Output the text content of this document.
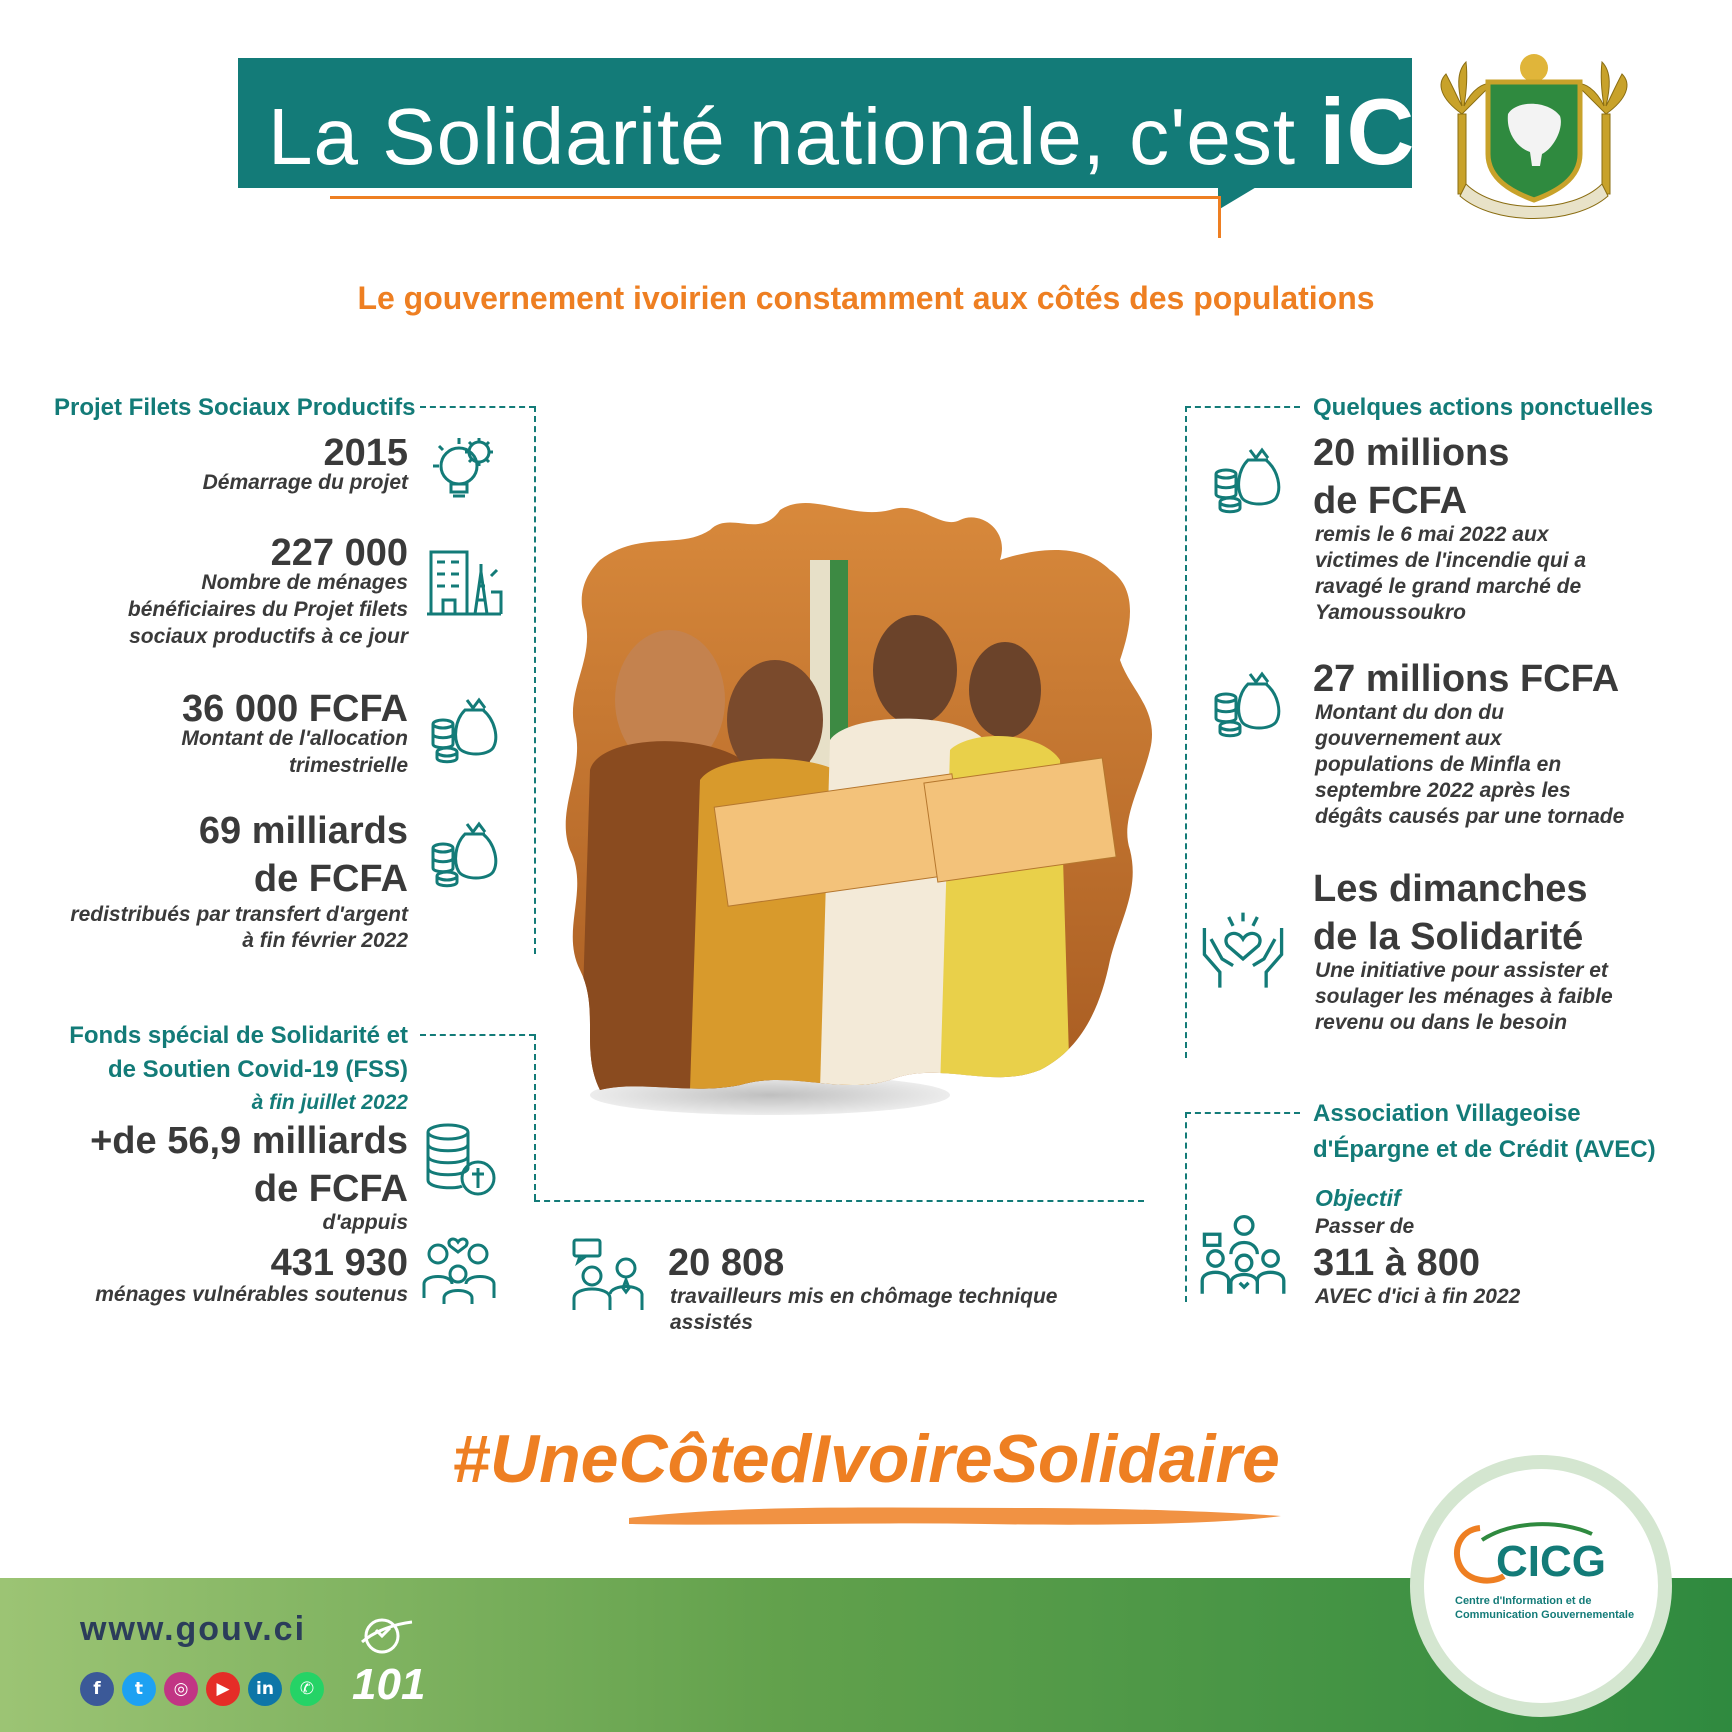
La Solidarité nationale, c'est iCI
Le gouvernement ivoirien constamment aux côtés des populations
Projet Filets Sociaux Productifs
2015
Démarrage du projet
227 000
Nombre de ménages bénéficiaires du Projet filets sociaux productifs à ce jour
36 000 FCFA
Montant de l'allocation trimestrielle
69 milliards
de FCFA
redistribués par transfert d'argent
à fin février 2022
Fonds spécial de Solidarité et
de Soutien Covid-19 (FSS)
à fin juillet 2022
+de 56,9 milliards
de FCFA
d'appuis
431 930
ménages vulnérables soutenus
20 808
travailleurs mis en chômage technique
assistés
Quelques actions ponctuelles
20 millions
de FCFA
remis le 6 mai 2022 aux
victimes de l'incendie qui a
ravagé le grand marché de
Yamoussoukro
27 millions FCFA
Montant du don du
gouvernement aux
populations de Minfla en
septembre 2022 après les
dégâts causés par une tornade
Les dimanches
de la Solidarité
Une initiative pour assister et
soulager les ménages à faible
revenu ou dans le besoin
Association Villageoise
d'Épargne et de Crédit (AVEC)
Objectif
Passer de
311 à 800
AVEC d'ici à fin 2022
#UneCôtedIvoireSolidaire
www.gouv.ci
f	t	◎	▶	in	✆ 101
CICG
Centre d'Information et de
Communication Gouvernementale
